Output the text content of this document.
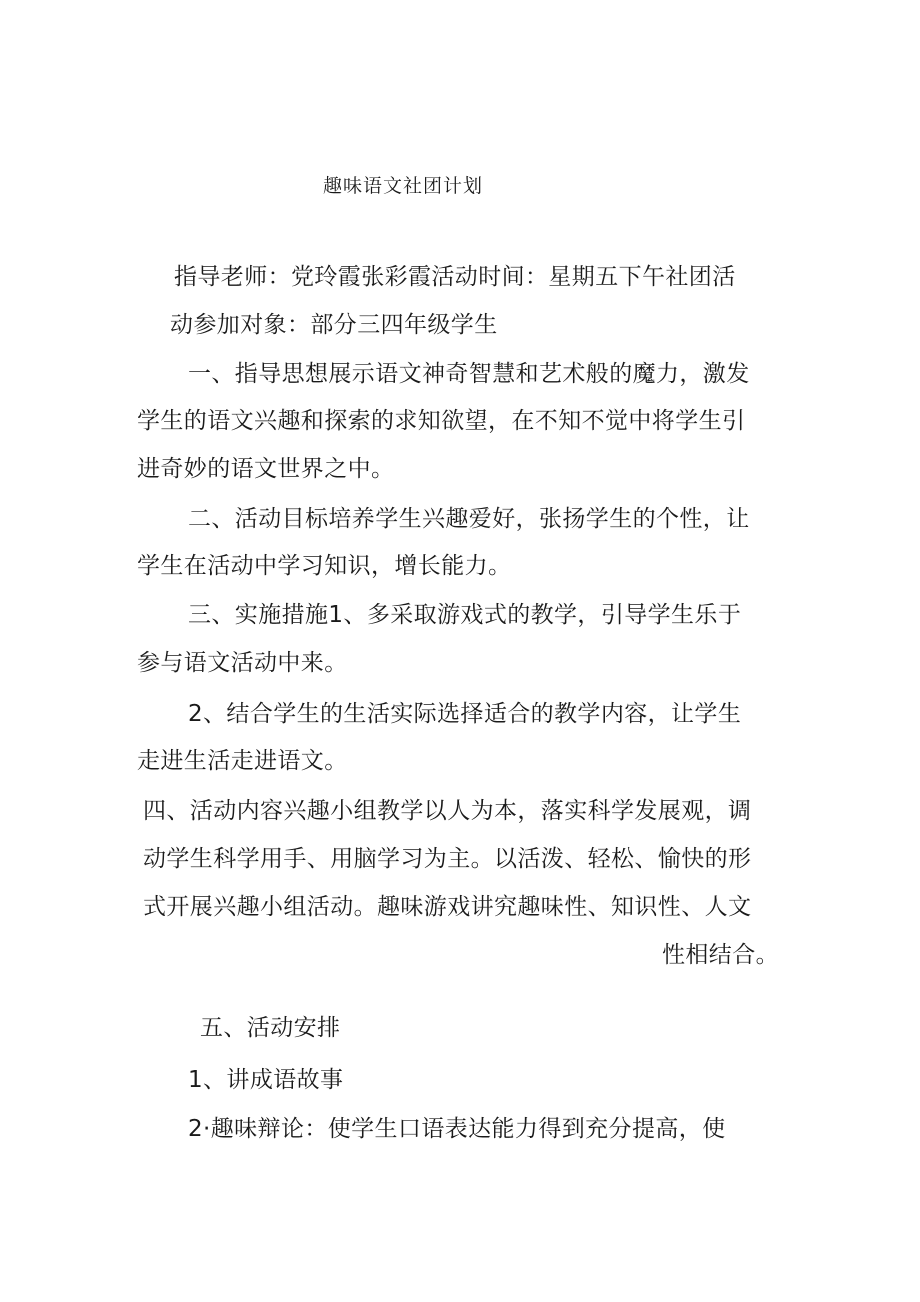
趣味语文社团计划
指导老师：党玲霞张彩霞活动时间：星期五下午社团活
动参加对象：部分三四年级学生
一、指导思想展示语文神奇智慧和艺术般的魔力，激发
学生的语文兴趣和探索的求知欲望，在不知不觉中将学生引
进奇妙的语文世界之中。
二、活动目标培养学生兴趣爱好，张扬学生的个性，让
学生在活动中学习知识，增长能力。
三、实施措施1、多采取游戏式的教学，引导学生乐于
参与语文活动中来。
2、结合学生的生活实际选择适合的教学内容，让学生
走进生活走进语文。
四、活动内容兴趣小组教学以人为本，落实科学发展观，调
动学生科学用手、用脑学习为主。以活泼、轻松、愉快的形
式开展兴趣小组活动。趣味游戏讲究趣味性、知识性、人文
性相结合。
五、活动安排
1、讲成语故事
2·趣味辩论：使学生口语表达能力得到充分提高，使
